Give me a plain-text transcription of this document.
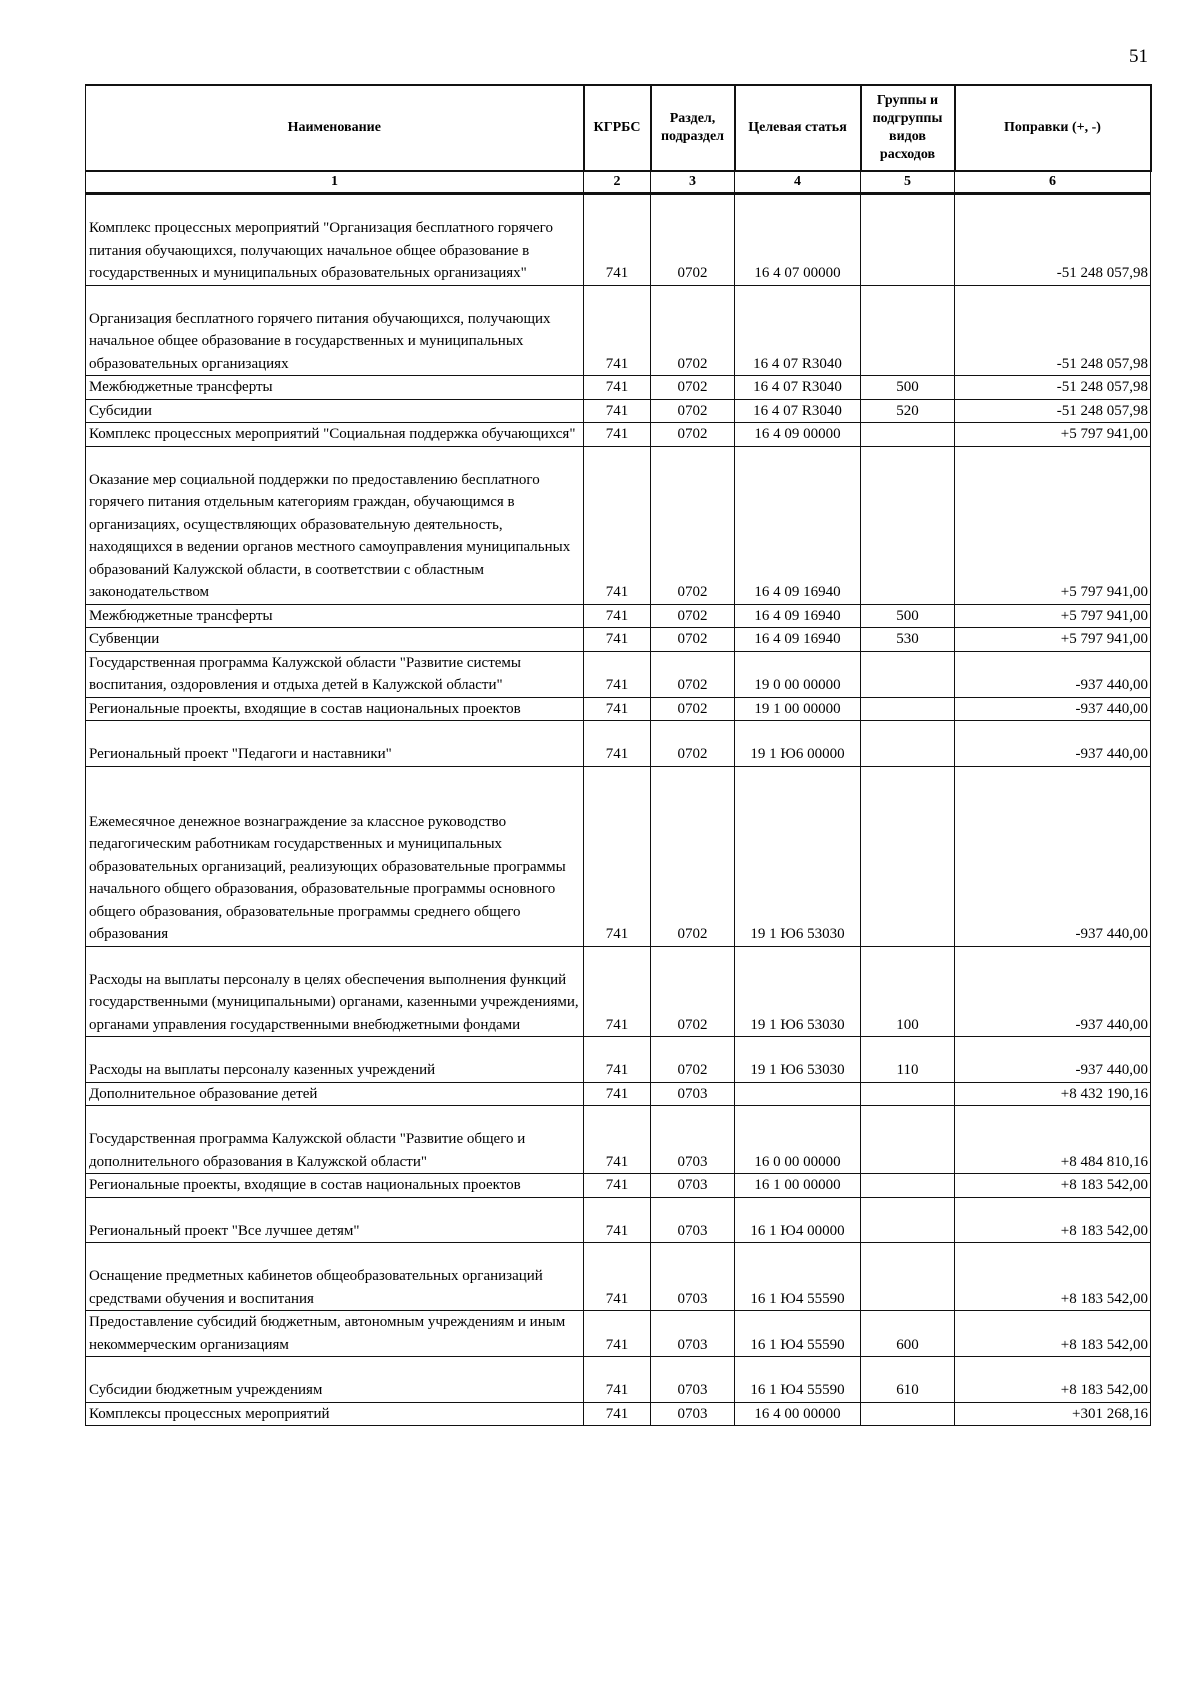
51
Наименование	КГРБС	Раздел, подраздел	Целевая статья	Группы и подгруппы видов расходов	Поправки (+, -)
1	2	3	4	5	6
Комплекс процессных мероприятий "Организация бесплатного горячего питания обучающихся, получающих начальное общее образование в государственных и муниципальных образовательных организациях"	741	0702	16 4 07 00000		-51 248 057,98
Организация бесплатного горячего питания обучающихся, получающих начальное общее образование в государственных и муниципальных образовательных организациях	741	0702	16 4 07 R3040		-51 248 057,98
Межбюджетные трансферты	741	0702	16 4 07 R3040	500	-51 248 057,98
Субсидии	741	0702	16 4 07 R3040	520	-51 248 057,98
Комплекс процессных мероприятий "Социальная поддержка обучающихся"	741	0702	16 4 09 00000		+5 797 941,00
Оказание мер социальной поддержки по предоставлению бесплатного горячего питания отдельным категориям граждан, обучающимся в организациях, осуществляющих образовательную деятельность, находящихся в ведении органов местного самоуправления муниципальных образований Калужской области, в соответствии с областным законодательством	741	0702	16 4 09 16940		+5 797 941,00
Межбюджетные трансферты	741	0702	16 4 09 16940	500	+5 797 941,00
Субвенции	741	0702	16 4 09 16940	530	+5 797 941,00
Государственная программа Калужской области "Развитие системы воспитания, оздоровления и отдыха детей в Калужской области"	741	0702	19 0 00 00000		-937 440,00
Региональные проекты, входящие в состав национальных проектов	741	0702	19 1 00 00000		-937 440,00
Региональный проект "Педагоги и наставники"	741	0702	19 1 Ю6 00000		-937 440,00
Ежемесячное денежное вознаграждение за классное руководство педагогическим работникам государственных и муниципальных образовательных организаций, реализующих образовательные программы начального общего образования, образовательные программы основного общего образования, образовательные программы среднего общего образования	741	0702	19 1 Ю6 53030		-937 440,00
Расходы на выплаты персоналу в целях обеспечения выполнения функций государственными (муниципальными) органами, казенными учреждениями, органами управления государственными внебюджетными фондами	741	0702	19 1 Ю6 53030	100	-937 440,00
Расходы на выплаты персоналу казенных учреждений	741	0702	19 1 Ю6 53030	110	-937 440,00
Дополнительное образование детей	741	0703			+8 432 190,16
Государственная программа Калужской области "Развитие общего и дополнительного образования в Калужской области"	741	0703	16 0 00 00000		+8 484 810,16
Региональные проекты, входящие в состав национальных проектов	741	0703	16 1 00 00000		+8 183 542,00
Региональный проект "Все лучшее детям"	741	0703	16 1 Ю4 00000		+8 183 542,00
Оснащение предметных кабинетов общеобразовательных организаций средствами обучения и воспитания	741	0703	16 1 Ю4 55590		+8 183 542,00
Предоставление субсидий бюджетным, автономным учреждениям и иным некоммерческим организациям	741	0703	16 1 Ю4 55590	600	+8 183 542,00
Субсидии бюджетным учреждениям	741	0703	16 1 Ю4 55590	610	+8 183 542,00
Комплексы процессных мероприятий	741	0703	16 4 00 00000		+301 268,16
